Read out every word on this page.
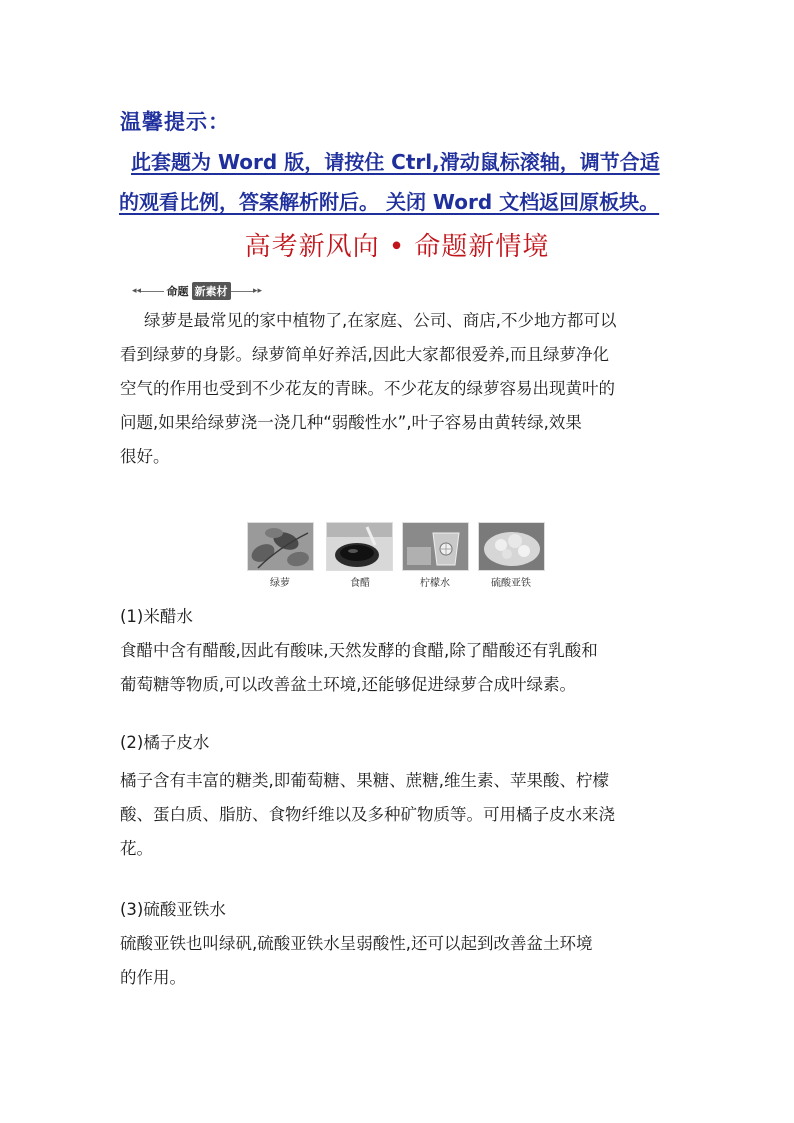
温馨提示：
此套题为 Word 版，请按住 Ctrl,滑动鼠标滚轴，调节合适
的观看比例，答案解析附后。 关闭 Word 文档返回原板块。
高考新风向 • 命题新情境
◂◂ 命题 新素材	▸▸
绿萝是最常见的家中植物了,在家庭、公司、商店,不少地方都可以
看到绿萝的身影。绿萝简单好养活,因此大家都很爱养,而且绿萝净化
空气的作用也受到不少花友的青睐。不少花友的绿萝容易出现黄叶的
问题,如果给绿萝浇一浇几种“弱酸性水”,叶子容易由黄转绿,效果
很好。
绿萝	食醋	柠檬水	硫酸亚铁
(1)米醋水
食醋中含有醋酸,因此有酸味,天然发酵的食醋,除了醋酸还有乳酸和
葡萄糖等物质,可以改善盆土环境,还能够促进绿萝合成叶绿素。
(2)橘子皮水
橘子含有丰富的糖类,即葡萄糖、果糖、蔗糖,维生素、苹果酸、柠檬
酸、蛋白质、脂肪、食物纤维以及多种矿物质等。可用橘子皮水来浇
花。
(3)硫酸亚铁水
硫酸亚铁也叫绿矾,硫酸亚铁水呈弱酸性,还可以起到改善盆土环境
的作用。
